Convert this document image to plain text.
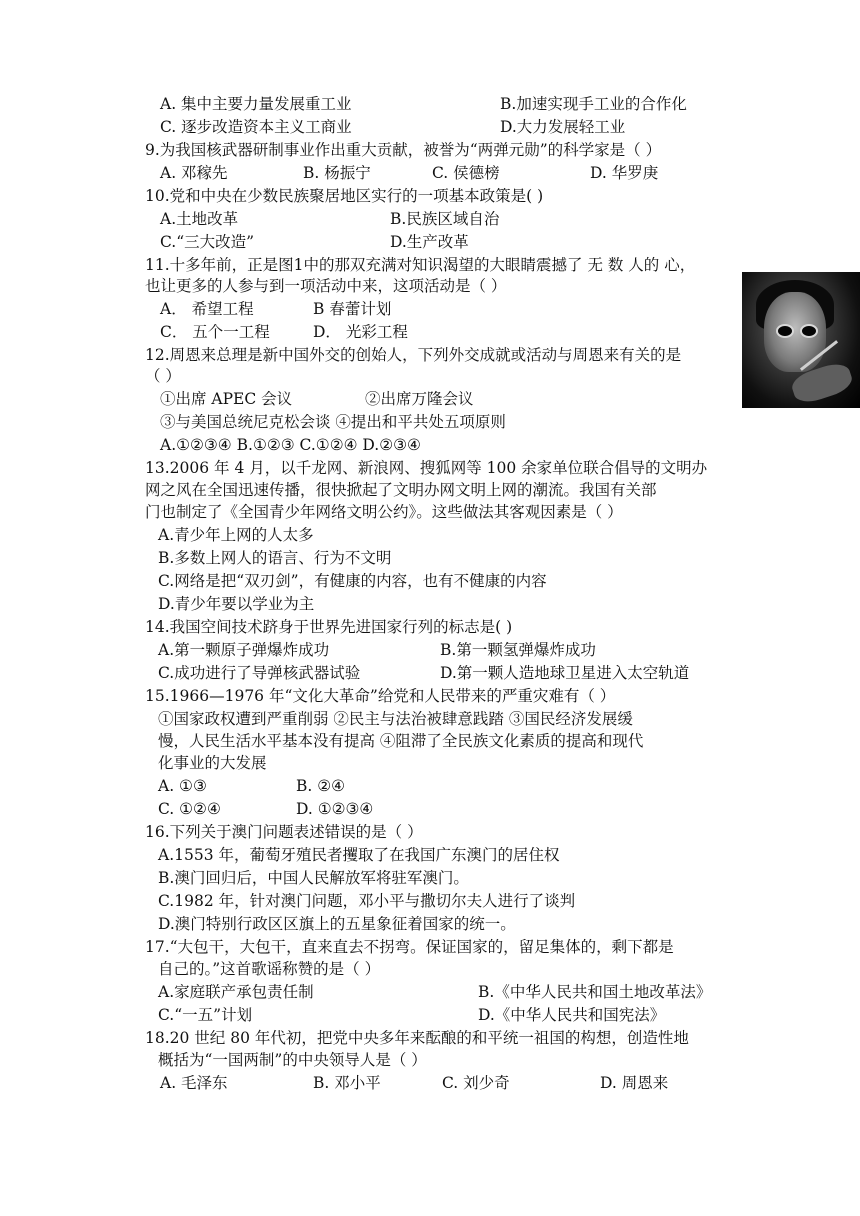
A. 集中主要力量发展重工业	B.加速实现手工业的合作化
C. 逐步改造资本主义工商业	D.大力发展轻工业
9.为我国核武器研制事业作出重大贡献，被誉为“两弹元勋”的科学家是（ ）
A. 邓稼先	B. 杨振宁	C. 侯德榜	D. 华罗庚
10.党和中央在少数民族聚居地区实行的一项基本政策是( )
A.土地改革	B.民族区域自治
C.“三大改造”	D.生产改革
11.十多年前，正是图1中的那双充满对知识渴望的大眼睛震撼了 无 数 人的 心，
也让更多的人参与到一项活动中来，这项活动是（ ）
A． 希望工程	B 春蕾计划
C． 五个一工程	D． 光彩工程
12.周恩来总理是新中国外交的创始人，下列外交成就或活动与周恩来有关的是
（ ）
①出席 APEC 会议	②出席万隆会议
③与美国总统尼克松会谈 ④提出和平共处五项原则
A.①②③④ B.①②③ C.①②④ D.②③④
13.2006 年 4 月，以千龙网、新浪网、搜狐网等 100 余家单位联合倡导的文明办
网之风在全国迅速传播，很快掀起了文明办网文明上网的潮流。我国有关部
门也制定了《全国青少年网络文明公约》。这些做法其客观因素是（ ）
A.青少年上网的人太多
B.多数上网人的语言、行为不文明
C.网络是把“双刃剑”，有健康的内容，也有不健康的内容
D.青少年要以学业为主
14.我国空间技术跻身于世界先进国家行列的标志是( )
A.第一颗原子弹爆炸成功	B.第一颗氢弹爆炸成功
C.成功进行了导弹核武器试验	D.第一颗人造地球卫星进入太空轨道
15.1966—1976 年“文化大革命”给党和人民带来的严重灾难有（ ）
①国家政权遭到严重削弱 ②民主与法治被肆意践踏 ③国民经济发展缓
慢，人民生活水平基本没有提高 ④阻滞了全民族文化素质的提高和现代
化事业的大发展
A. ①③	B. ②④
C. ①②④	D. ①②③④
16.下列关于澳门问题表述错误的是（ ）
A.1553 年，葡萄牙殖民者攫取了在我国广东澳门的居住权
B.澳门回归后，中国人民解放军将驻军澳门。
C.1982 年，针对澳门问题，邓小平与撒切尔夫人进行了谈判
D.澳门特别行政区区旗上的五星象征着国家的统一。
17.“大包干，大包干，直来直去不拐弯。保证国家的，留足集体的，剩下都是
自己的。”这首歌谣称赞的是（ ）
A.家庭联产承包责任制	B.《中华人民共和国土地改革法》
C.“一五”计划	D.《中华人民共和国宪法》
18.20 世纪 80 年代初，把党中央多年来酝酿的和平统一祖国的构想，创造性地
概括为“一国两制”的中央领导人是（ ）
A. 毛泽东	B. 邓小平	C. 刘少奇	D. 周恩来
